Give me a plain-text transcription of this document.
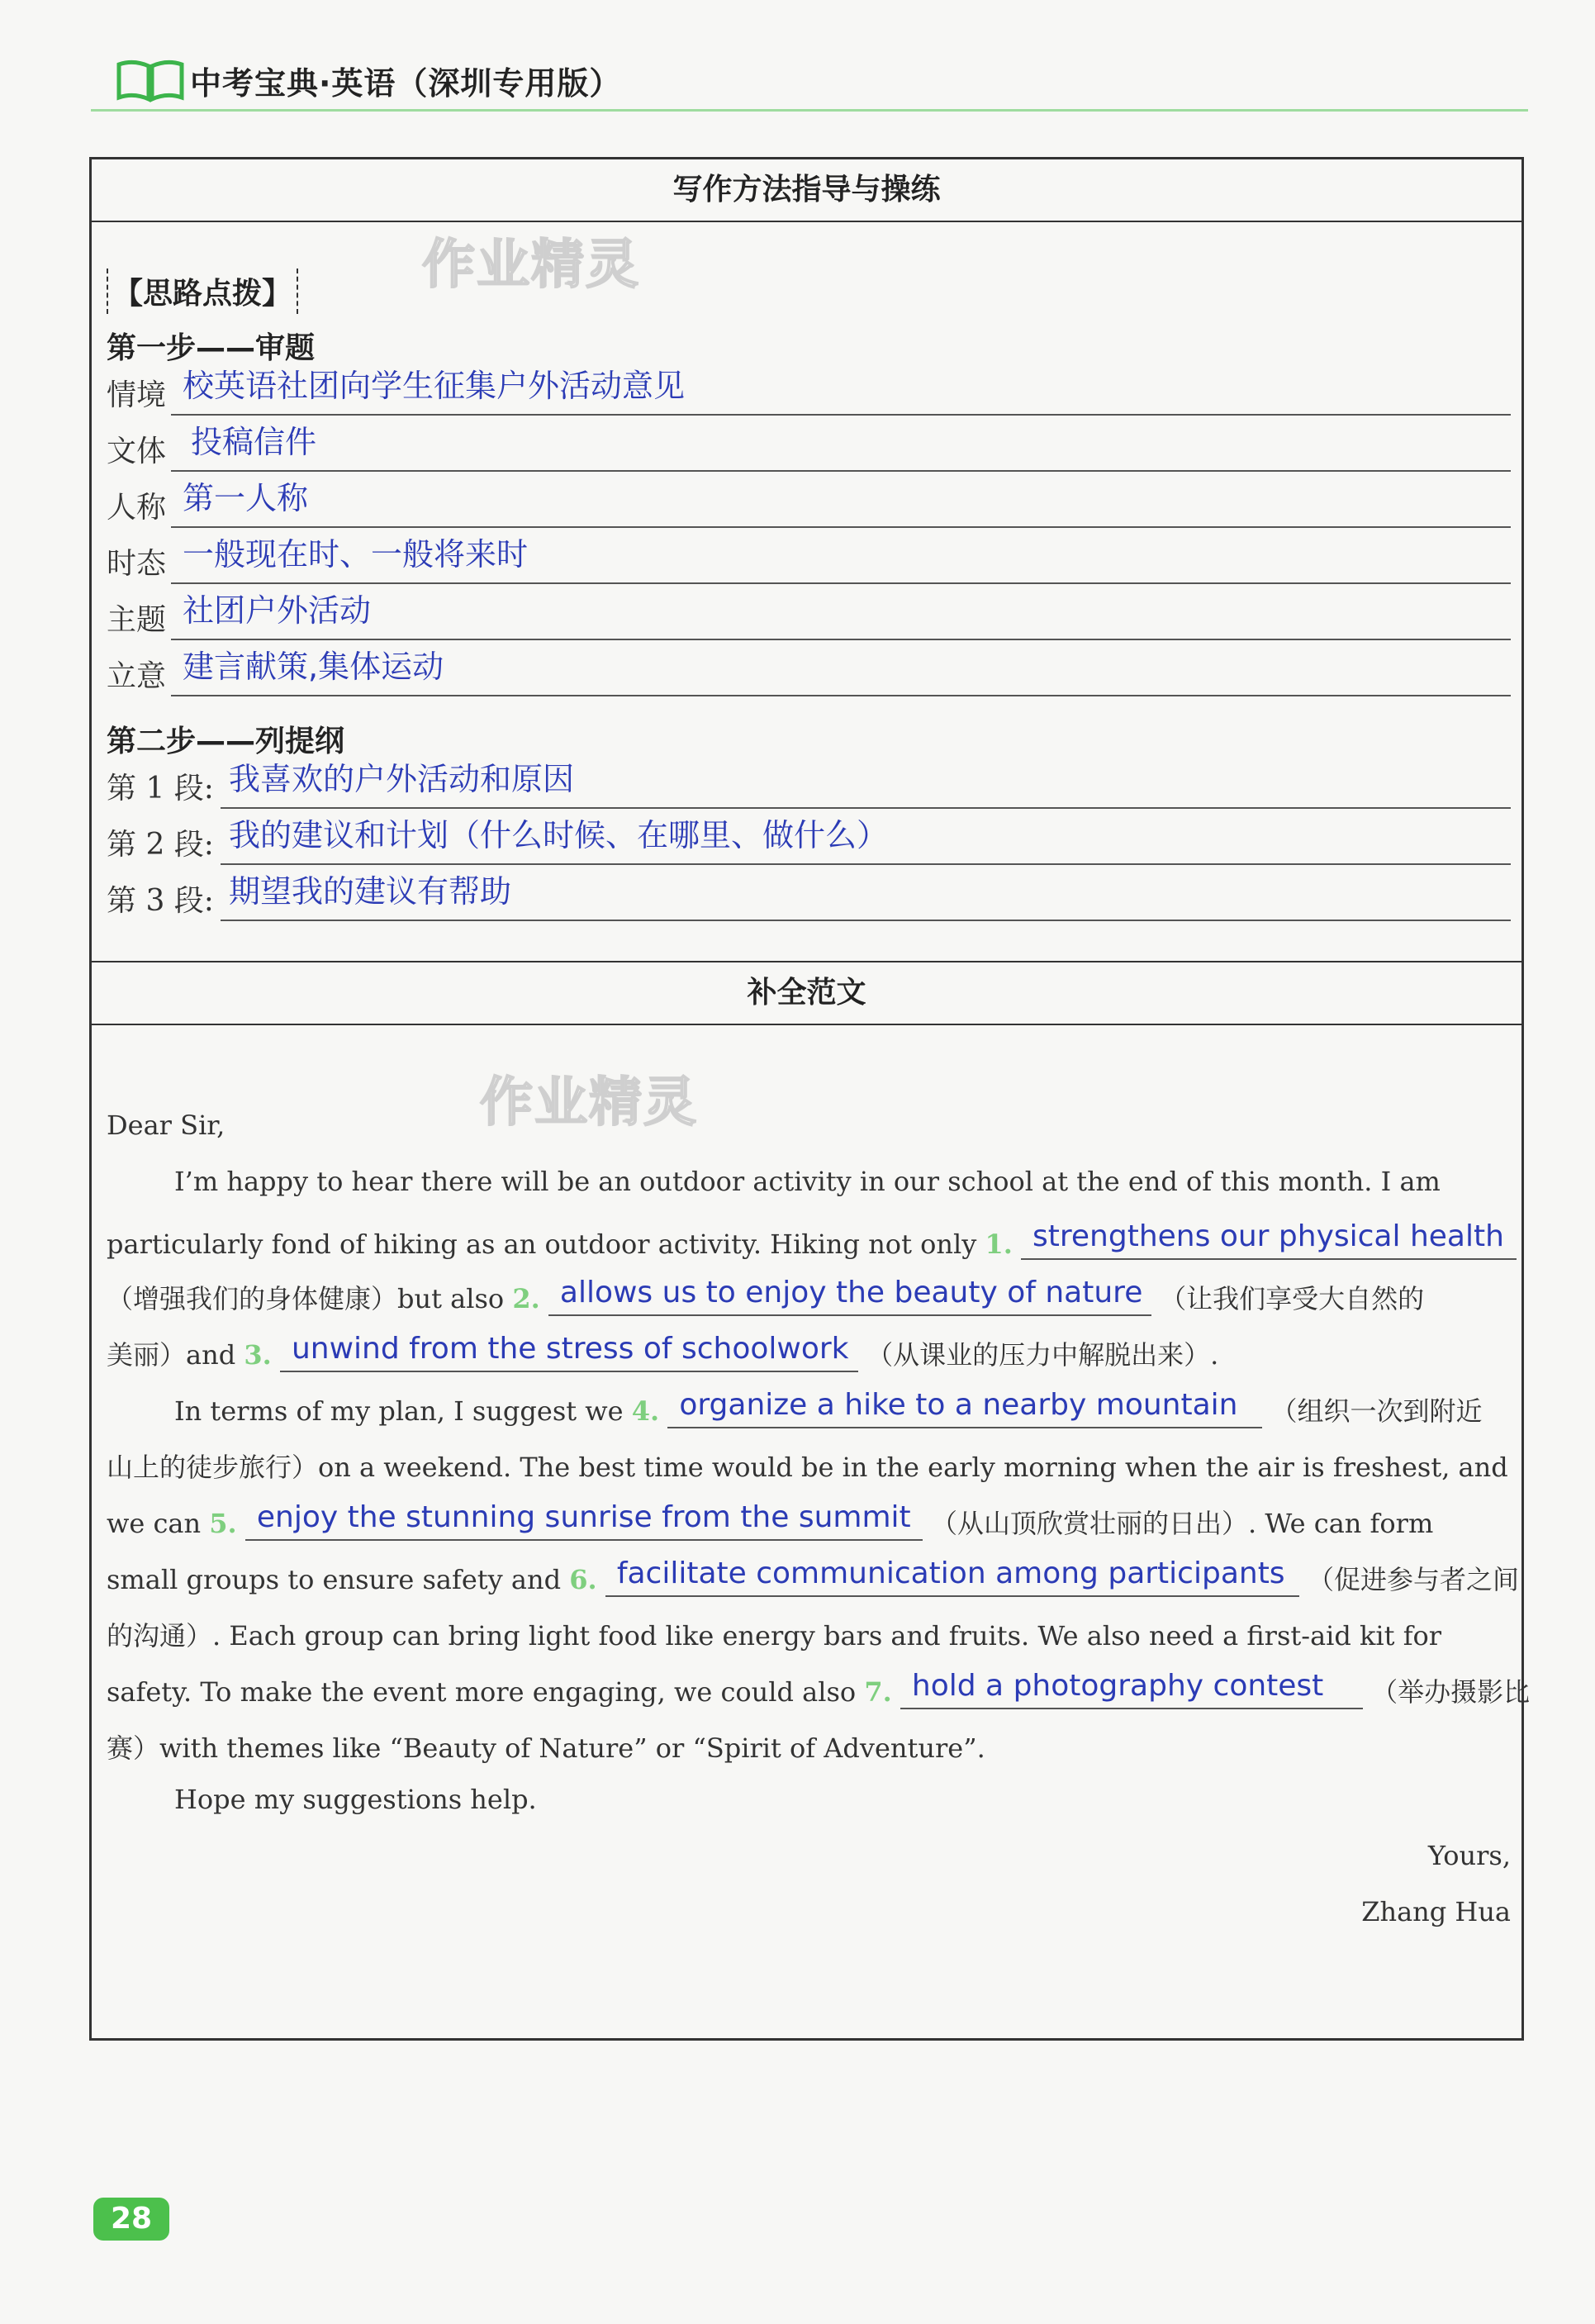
中考宝典·英语（深圳专用版）
写作方法指导与操练
作业精灵
【思路点拨】
第一步——审题
情境 校英语社团向学生征集户外活动意见
文体 投稿信件
人称 第一人称
时态 一般现在时、一般将来时
主题 社团户外活动
立意 建言献策,集体运动
第二步——列提纲
第 1 段: 我喜欢的户外活动和原因
第 2 段: 我的建议和计划（什么时候、在哪里、做什么）
第 3 段: 期望我的建议有帮助
补全范文
作业精灵
Dear Sir,
I’m happy to hear there will be an outdoor activity in our school at the end of this month. I am
particularly fond of hiking as an outdoor activity. Hiking not only 1. strengthens our physical health
（增强我们的身体健康）but also 2. allows us to enjoy the beauty of nature （让我们享受大自然的
美丽）and 3. unwind from the stress of schoolwork （从课业的压力中解脱出来）.
In terms of my plan, I suggest we 4. organize a hike to a nearby mountain （组织一次到附近
山上的徒步旅行）on a weekend. The best time would be in the early morning when the air is freshest, and
we can 5. enjoy the stunning sunrise from the summit （从山顶欣赏壮丽的日出）. We can form
small groups to ensure safety and 6. facilitate communication among participants （促进参与者之间
的沟通）. Each group can bring light food like energy bars and fruits. We also need a first-aid kit for
safety. To make the event more engaging, we could also 7. hold a photography contest （举办摄影比
赛）with themes like “Beauty of Nature” or “Spirit of Adventure”.
Hope my suggestions help.
Yours,
Zhang Hua
28
